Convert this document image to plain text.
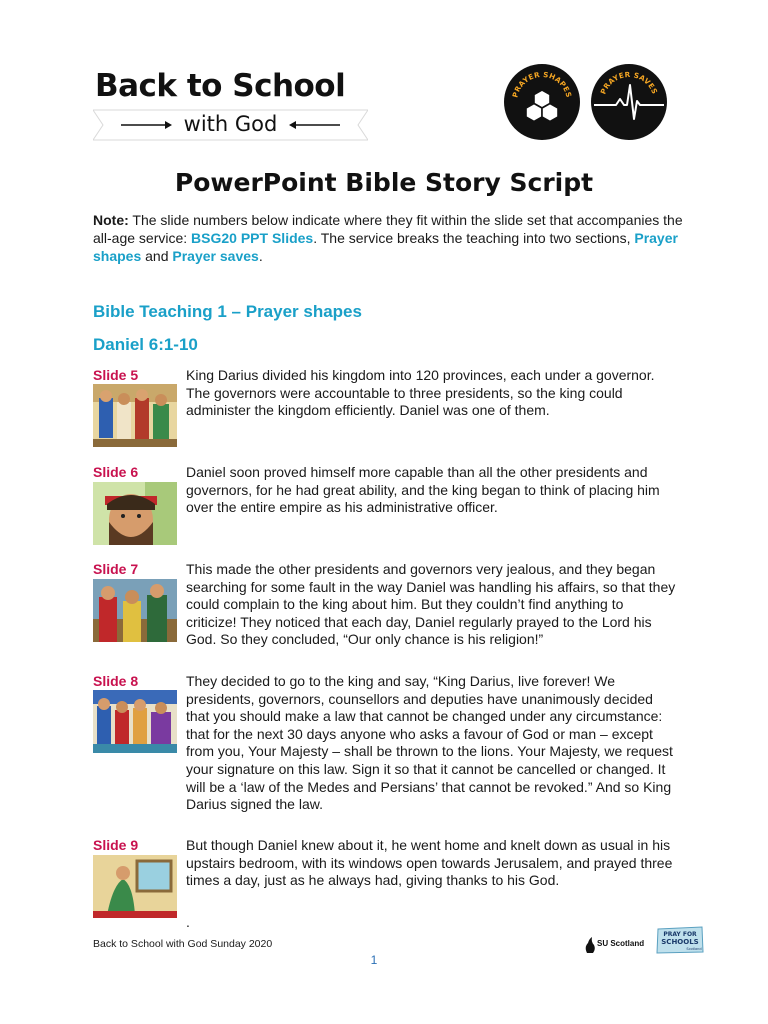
Back to School
with God
PRAYER SHAPES	PRAYER SAVES
PowerPoint Bible Story Script
Note: The slide numbers below indicate where they fit within the slide set that accompanies the all-age service: BSG20 PPT Slides. The service breaks the teaching into two sections, Prayer shapes and Prayer saves.
Bible Teaching 1 – Prayer shapes
Daniel 6:1-10
Slide 5	King Darius divided his kingdom into 120 provinces, each under a governor. The governors were accountable to three presidents, so the king could administer the kingdom efficiently. Daniel was one of them.
Slide 6	Daniel soon proved himself more capable than all the other presidents and governors, for he had great ability, and the king began to think of placing him over the entire empire as his administrative officer.
Slide 7	This made the other presidents and governors very jealous, and they began searching for some fault in the way Daniel was handling his affairs, so that they could complain to the king about him. But they couldn’t find anything to criticize! They noticed that each day, Daniel regularly prayed to the Lord his God. So they concluded, “Our only chance is his religion!”
Slide 8	They decided to go to the king and say, “King Darius, live forever! We presidents, governors, counsellors and deputies have unanimously decided that you should make a law that cannot be changed under any circumstance: that for the next 30 days anyone who asks a favour of God or man – except from you, Your Majesty – shall be thrown to the lions. Your Majesty, we request your signature on this law. Sign it so that it cannot be cancelled or changed. It will be a ‘law of the Medes and Persians’ that cannot be revoked.” And so King Darius signed the law.
Slide 9	But though Daniel knew about it, he went home and knelt down as usual in his upstairs bedroom, with its windows open towards Jerusalem, and prayed three times a day, just as he always had, giving thanks to his God.
.
Back to School with God Sunday 2020
1
SU Scotland
PRAY FOR
SCHOOLS
Scotland
